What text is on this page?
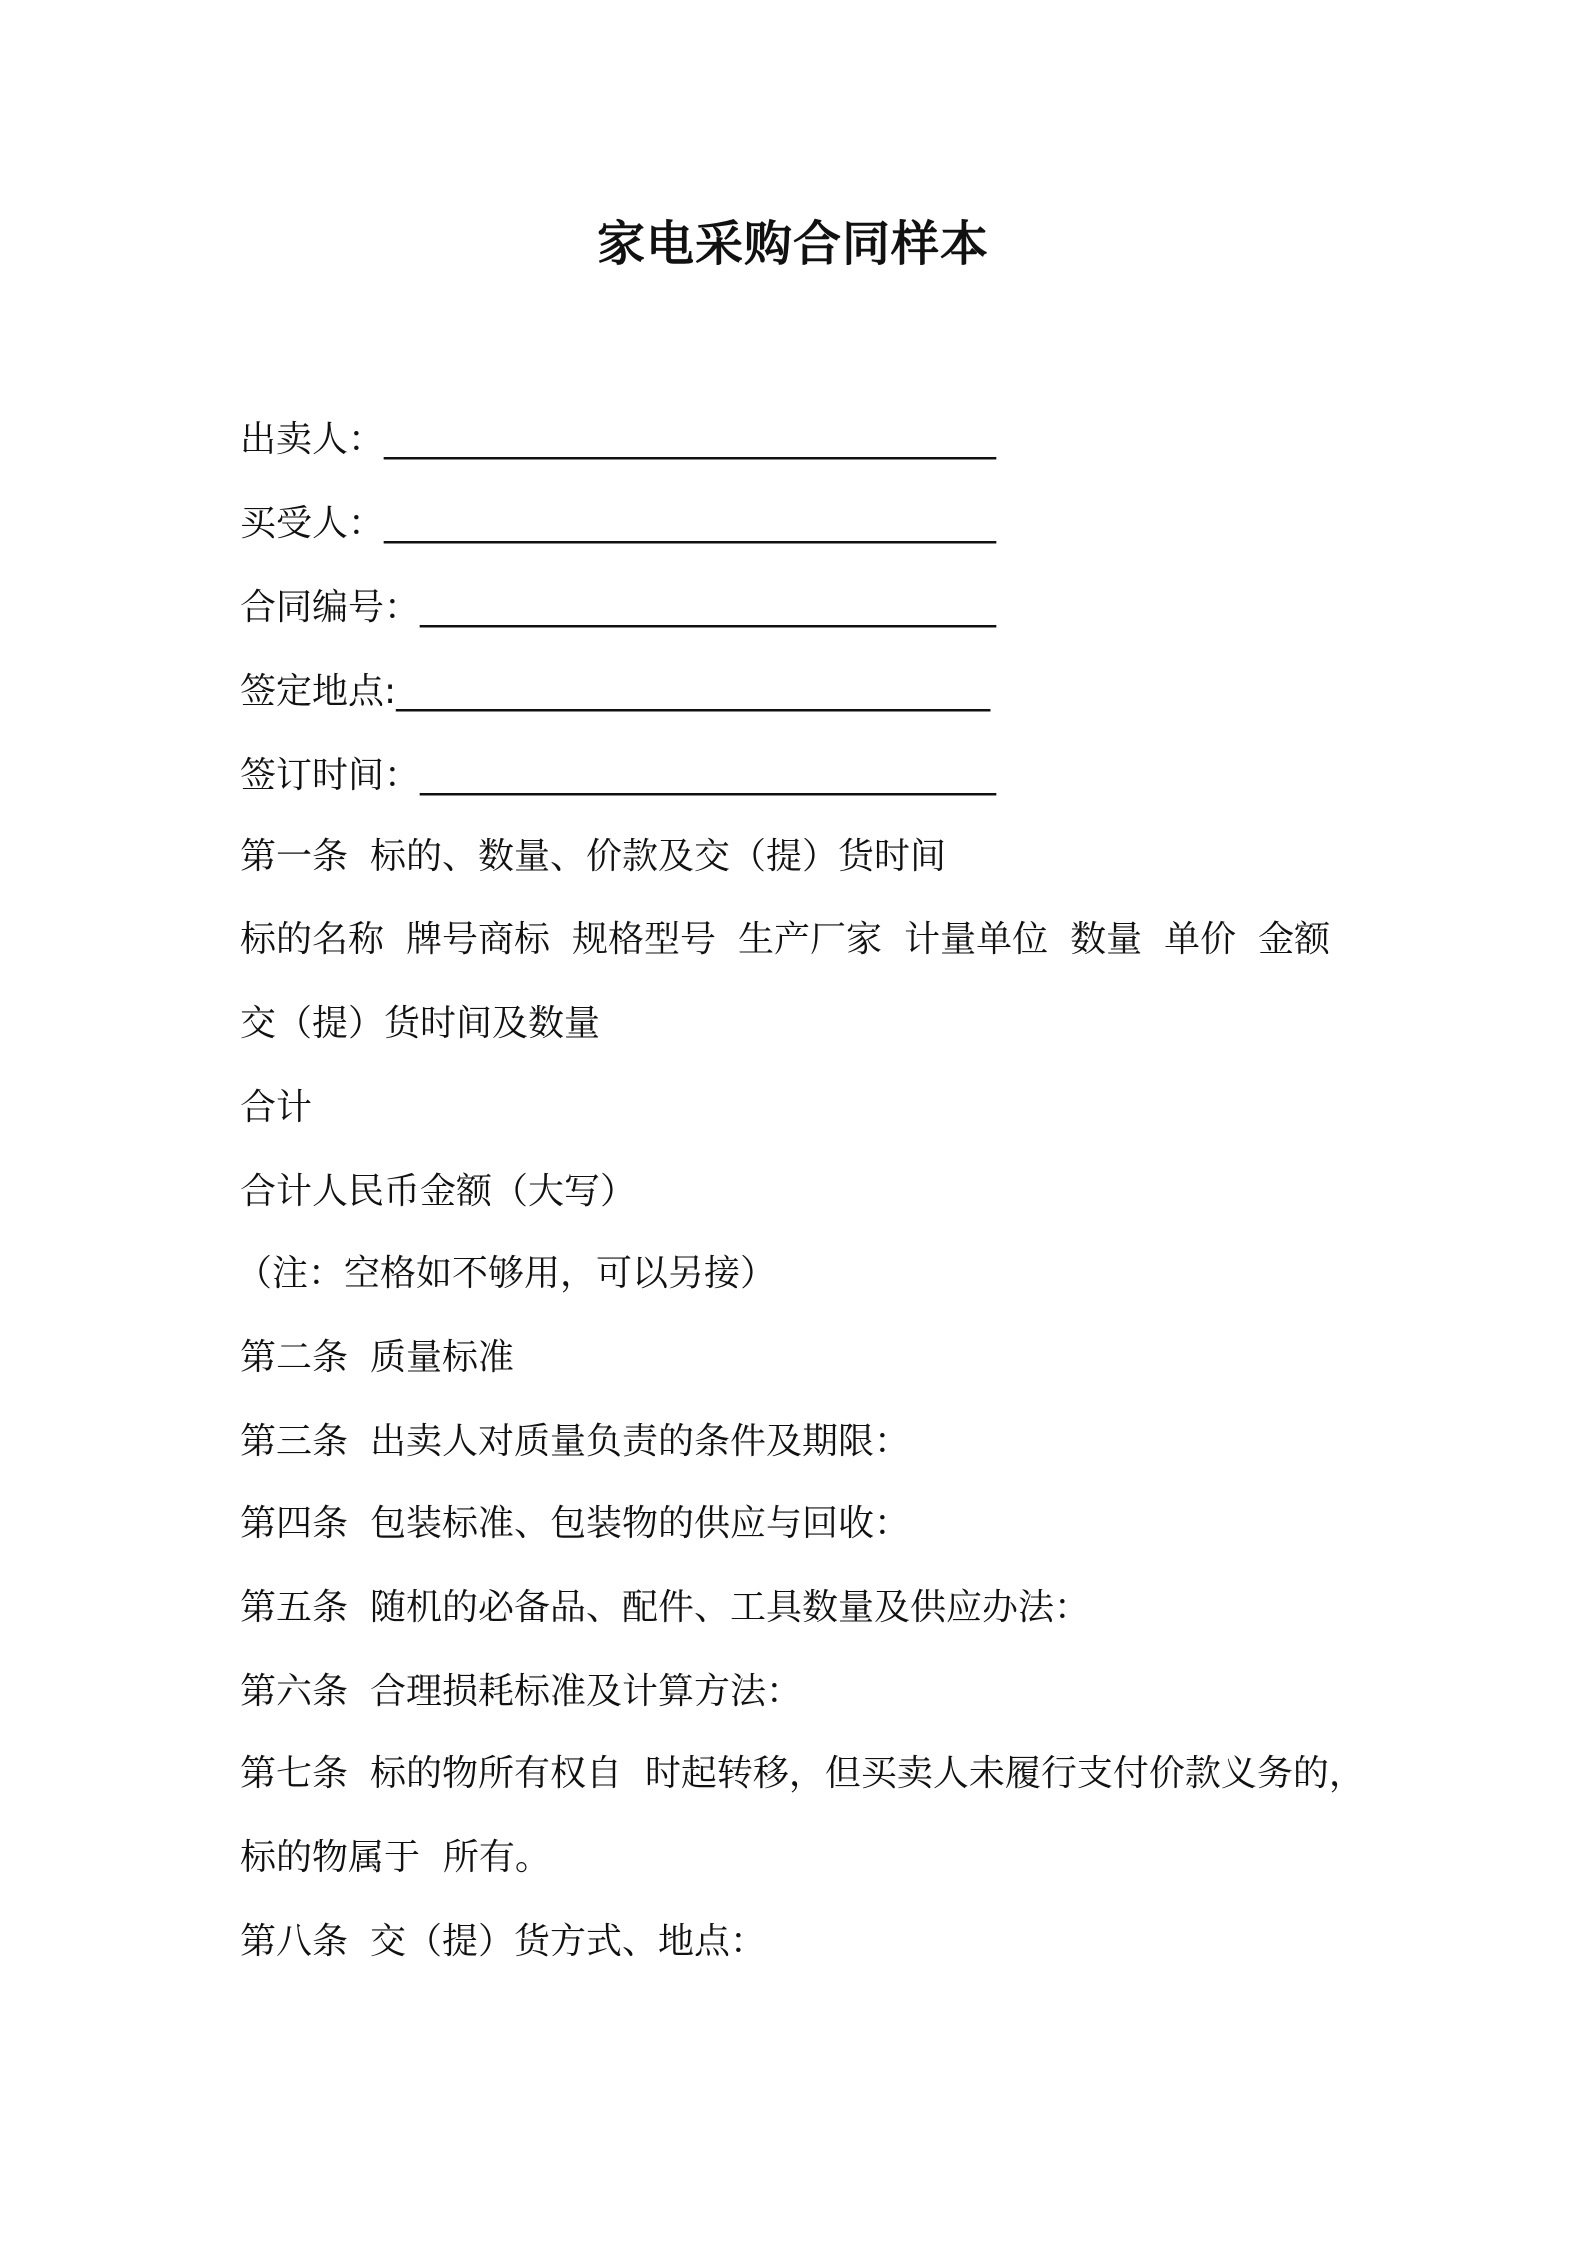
家电采购合同样本
出卖人：__________________________________
买受人：__________________________________
合同编号：________________________________
签定地点:_________________________________
签订时间：________________________________
第一条 标的、数量、价款及交（提）货时间
标的名称 牌号商标 规格型号 生产厂家 计量单位 数量 单价 金额
交（提）货时间及数量
合计
合计人民币金额（大写）
（注：空格如不够用，可以另接）
第二条 质量标准
第三条 出卖人对质量负责的条件及期限：
第四条 包装标准、包装物的供应与回收：
第五条 随机的必备品、配件、工具数量及供应办法：
第六条 合理损耗标准及计算方法：
第七条 标的物所有权自  时起转移，但买卖人未履行支付价款义务的，
标的物属于  所有。
第八条 交（提）货方式、地点：
